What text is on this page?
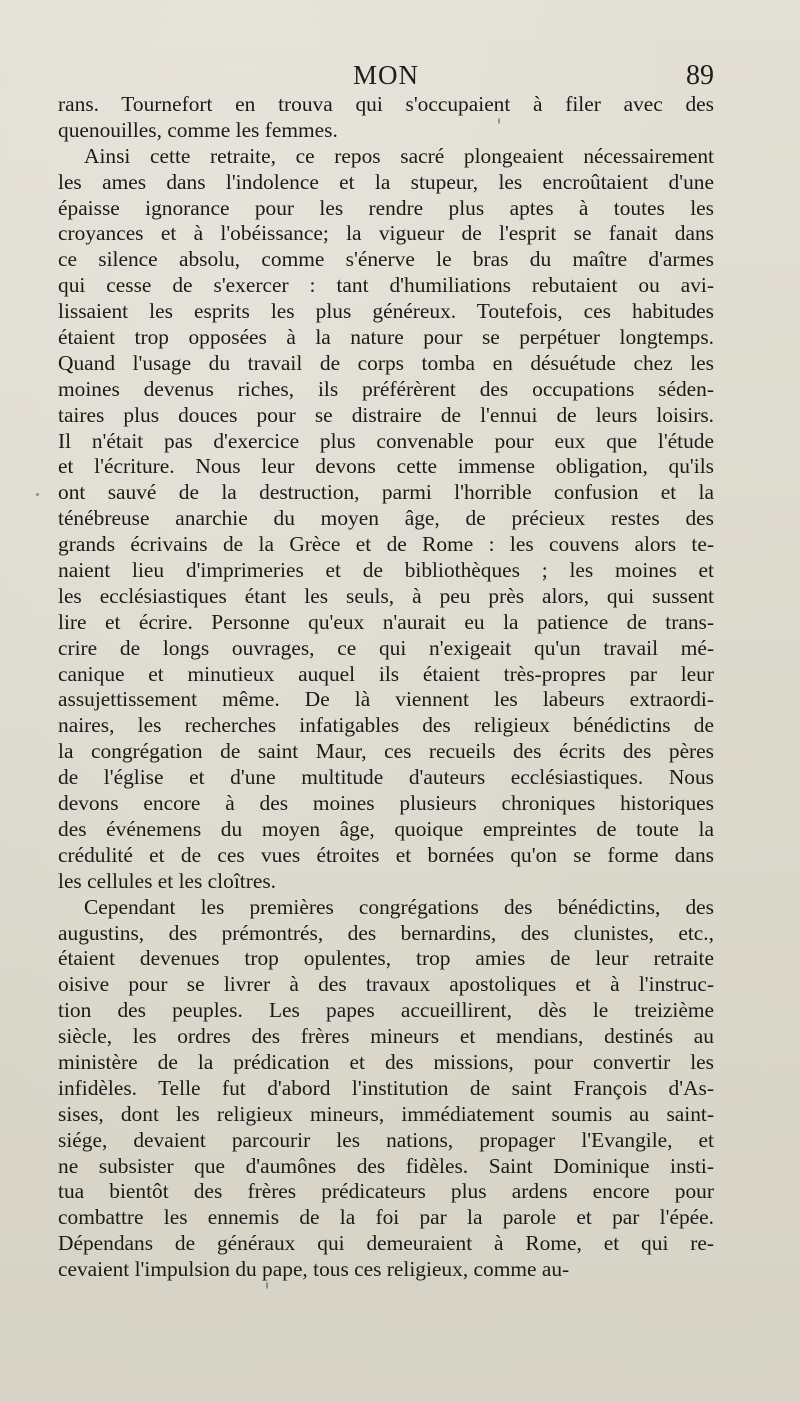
MON	89
rans. Tournefort en trouva qui s'occupaient à filer avec des
quenouilles, comme les femmes.
Ainsi cette retraite, ce repos sacré plongeaient nécessairement
les ames dans l'indolence et la stupeur, les encroûtaient d'une
épaisse ignorance pour les rendre plus aptes à toutes les
croyances et à l'obéissance; la vigueur de l'esprit se fanait dans
ce silence absolu, comme s'énerve le bras du maître d'armes
qui cesse de s'exercer : tant d'humiliations rebutaient ou avi-
lissaient les esprits les plus généreux. Toutefois, ces habitudes
étaient trop opposées à la nature pour se perpétuer longtemps.
Quand l'usage du travail de corps tomba en désuétude chez les
moines devenus riches, ils préférèrent des occupations séden-
taires plus douces pour se distraire de l'ennui de leurs loisirs.
Il n'était pas d'exercice plus convenable pour eux que l'étude
et l'écriture. Nous leur devons cette immense obligation, qu'ils
ont sauvé de la destruction, parmi l'horrible confusion et la
ténébreuse anarchie du moyen âge, de précieux restes des
grands écrivains de la Grèce et de Rome : les couvens alors te-
naient lieu d'imprimeries et de bibliothèques ; les moines et
les ecclésiastiques étant les seuls, à peu près alors, qui sussent
lire et écrire. Personne qu'eux n'aurait eu la patience de trans-
crire de longs ouvrages, ce qui n'exigeait qu'un travail mé-
canique et minutieux auquel ils étaient très-propres par leur
assujettissement même. De là viennent les labeurs extraordi-
naires, les recherches infatigables des religieux bénédictins de
la congrégation de saint Maur, ces recueils des écrits des pères
de l'église et d'une multitude d'auteurs ecclésiastiques. Nous
devons encore à des moines plusieurs chroniques historiques
des événemens du moyen âge, quoique empreintes de toute la
crédulité et de ces vues étroites et bornées qu'on se forme dans
les cellules et les cloîtres.
Cependant les premières congrégations des bénédictins, des
augustins, des prémontrés, des bernardins, des clunistes, etc.,
étaient devenues trop opulentes, trop amies de leur retraite
oisive pour se livrer à des travaux apostoliques et à l'instruc-
tion des peuples. Les papes accueillirent, dès le treizième
siècle, les ordres des frères mineurs et mendians, destinés au
ministère de la prédication et des missions, pour convertir les
infidèles. Telle fut d'abord l'institution de saint François d'As-
sises, dont les religieux mineurs, immédiatement soumis au saint-
siége, devaient parcourir les nations, propager l'Evangile, et
ne subsister que d'aumônes des fidèles. Saint Dominique insti-
tua bientôt des frères prédicateurs plus ardens encore pour
combattre les ennemis de la foi par la parole et par l'épée.
Dépendans de généraux qui demeuraient à Rome, et qui re-
cevaient l'impulsion du pape, tous ces religieux, comme au-
